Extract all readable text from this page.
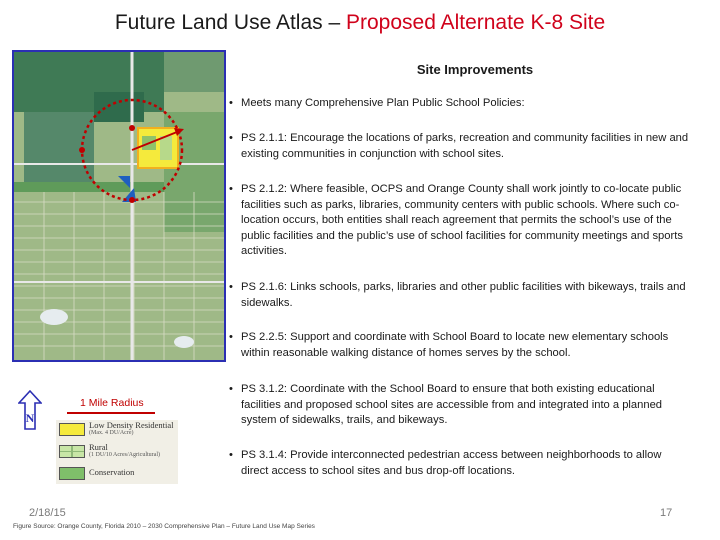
Future Land Use Atlas – Proposed Alternate K-8 Site
Site Improvements
• Meets many Comprehensive Plan Public School Policies:
• PS 2.1.1: Encourage the locations of parks, recreation and community facilities in new and existing communities in conjunction with school sites.
• PS 2.1.2: Where feasible, OCPS and Orange County shall work jointly to co-locate public facilities such as parks, libraries, community centers with public schools. Where such co-location occurs, both entities shall reach agreement that permits the school’s use of the public facilities and the public’s use of school facilities for community meetings and sports activities.
• PS 2.1.6: Links schools, parks, libraries and other public facilities with bikeways, trails and sidewalks.
• PS 2.2.5: Support and coordinate with School Board to locate new elementary schools within reasonable walking distance of homes serves by the school.
• PS 3.1.2: Coordinate with the School Board to ensure that both existing educational facilities and proposed school sites are accessible from and integrated into a planned system of sidewalks, trails, and bikeways.
• PS 3.1.4: Provide interconnected pedestrian access between neighborhoods to allow direct access to school sites and bus drop-off locations.
N
1 Mile Radius
Low Density Residential
(Max. 4 DU/Acre)
Rural
(1 DU/10 Acres/Agricultural)
Conservation
2/18/15	17
Figure Source: Orange County, Florida 2010 – 2030 Comprehensive Plan – Future Land Use Map Series
